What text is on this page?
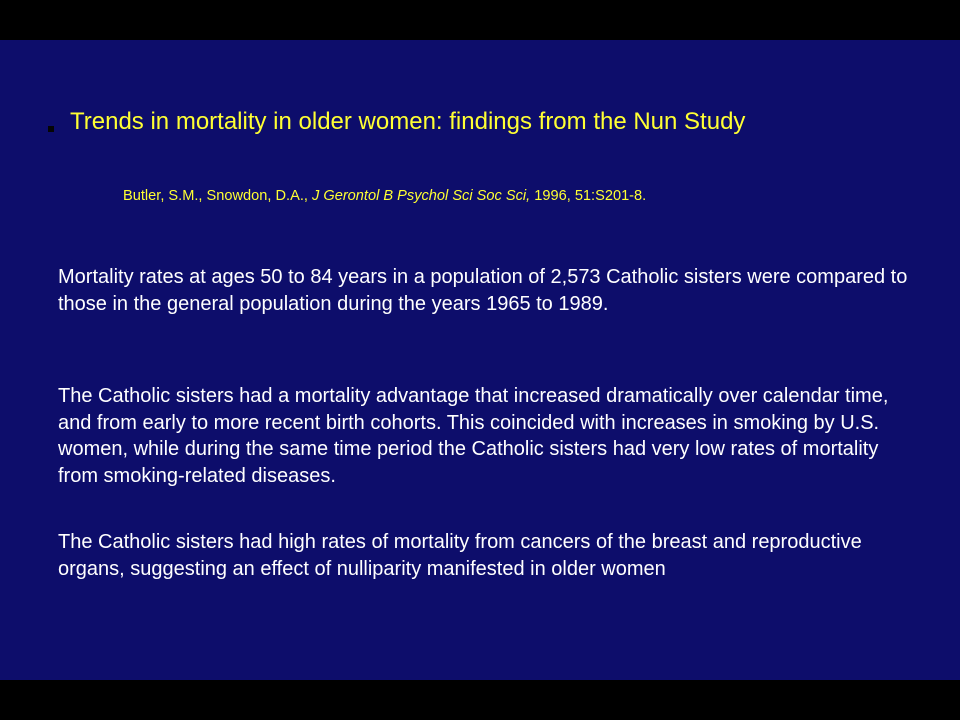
Trends in mortality in older women: findings from the Nun Study
Butler, S.M., Snowdon, D.A., J Gerontol B Psychol Sci Soc Sci, 1996, 51:S201-8.
Mortality rates at ages 50 to 84 years in a population of 2,573 Catholic sisters were compared to those in the general population during the years 1965 to 1989.
The Catholic sisters had a mortality advantage that increased dramatically over calendar time, and from early to more recent birth cohorts. This coincided with increases in smoking by U.S. women, while during the same time period the Catholic sisters had very low rates of mortality from smoking-related diseases.
The Catholic sisters had high rates of mortality from cancers of the breast and reproductive organs, suggesting an effect of nulliparity manifested in older women
